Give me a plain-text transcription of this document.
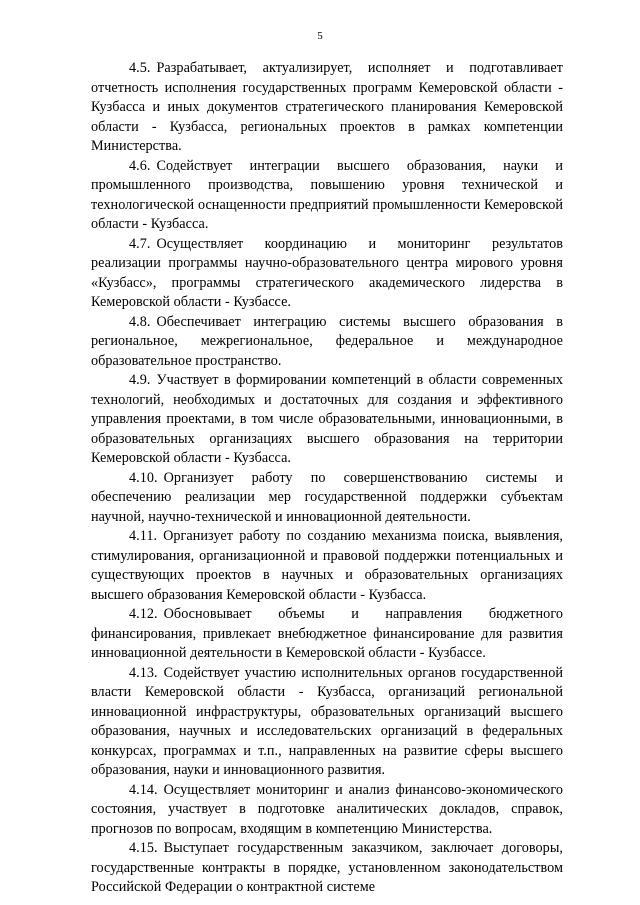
5

4.5. Разрабатывает, актуализирует, исполняет и подготавливает отчетность исполнения государственных программ Кемеровской области - Кузбасса и иных документов стратегического планирования Кемеровской области - Кузбасса, региональных проектов в рамках компетенции Министерства.

4.6. Содействует интеграции высшего образования, науки и промышленного производства, повышению уровня технической и технологической оснащенности предприятий промышленности Кемеровской области - Кузбасса.

4.7. Осуществляет координацию и мониторинг результатов реализации программы научно-образовательного центра мирового уровня «Кузбасс», программы стратегического академического лидерства в Кемеровской области - Кузбассе.

4.8. Обеспечивает интеграцию системы высшего образования в региональное, межрегиональное, федеральное и международное образовательное пространство.

4.9. Участвует в формировании компетенций в области современных технологий, необходимых и достаточных для создания и эффективного управления проектами, в том числе образовательными, инновационными, в образовательных организациях высшего образования на территории Кемеровской области - Кузбасса.

4.10. Организует работу по совершенствованию системы и обеспечению реализации мер государственной поддержки субъектам научной, научно-технической и инновационной деятельности.

4.11. Организует работу по созданию механизма поиска, выявления, стимулирования, организационной и правовой поддержки потенциальных и существующих проектов в научных и образовательных организациях высшего образования Кемеровской области - Кузбасса.

4.12. Обосновывает объемы и направления бюджетного финансирования, привлекает внебюджетное финансирование для развития инновационной деятельности в Кемеровской области - Кузбассе.

4.13. Содействует участию исполнительных органов государственной власти Кемеровской области - Кузбасса, организаций региональной инновационной инфраструктуры, образовательных организаций высшего образования, научных и исследовательских организаций в федеральных конкурсах, программах и т.п., направленных на развитие сферы высшего образования, науки и инновационного развития.

4.14. Осуществляет мониторинг и анализ финансово-экономического состояния, участвует в подготовке аналитических докладов, справок, прогнозов по вопросам, входящим в компетенцию Министерства.

4.15. Выступает государственным заказчиком, заключает договоры, государственные контракты в порядке, установленном законодательством Российской Федерации о контрактной системе
